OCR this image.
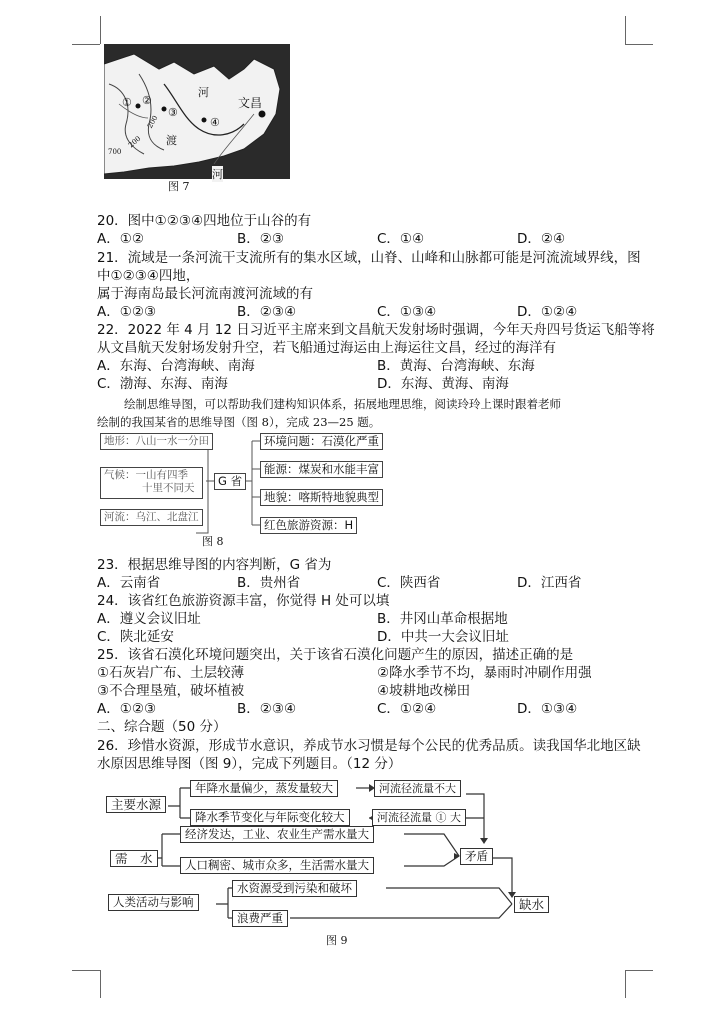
① ②
③
④
河
渡
河
文昌
200
200
700
图 7
20．图中①②③④四地位于山谷的有
A．①②	B．②③	C．①④	D．②④
21．流域是一条河流干支流所有的集水区域，山脊、山峰和山脉都可能是河流流域界线，图
中①②③④四地，
属于海南岛最长河流南渡河流域的有
A．①②③	B．②③④	C．①③④	D．①②④
22．2022 年 4 月 12 日习近平主席来到文昌航天发射场时强调，今年天舟四号货运飞船等将
从文昌航天发射场发射升空，若飞船通过海运由上海运往文昌，经过的海洋有
A．东海、台湾海峡、南海	B．黄海、台湾海峡、东海
C．渤海、东海、南海	D．东海、黄海、南海
绘制思维导图，可以帮助我们建构知识体系，拓展地理思维，阅读玲玲上课时跟着老师
绘制的我国某省的思维导图（图 8），完成 23—25 题。
地形：八山一水一分田
气候：一山有四季
十里不同天
河流：乌江、北盘江
G 省
环境问题：石漠化严重
能源：煤炭和水能丰富
地貌：喀斯特地貌典型
红色旅游资源：H
图 8
23．根据思维导图的内容判断，G 省为
A．云南省	B．贵州省	C．陕西省	D．江西省
24．该省红色旅游资源丰富，你觉得 H 处可以填
A．遵义会议旧址	B．井冈山革命根据地
C．陕北延安	D．中共一大会议旧址
25．该省石漠化环境问题突出，关于该省石漠化问题产生的原因，描述正确的是
①石灰岩广布、土层较薄	②降水季节不均，暴雨时冲刷作用强
③不合理垦殖，破坏植被	④坡耕地改梯田
A．①②③	B．②③④	C．①②④	D．①③④
二、综合题（50 分）
26．珍惜水资源，形成节水意识，养成节水习惯是每个公民的优秀品质。读我国华北地区缺
水原因思维导图（图 9），完成下列题目。（12 分）
主要水源
年降水量偏少，蒸发量较大
降水季节变化与年际变化较大
河流径流量不大
河流径流量 ① 大
需　水
经济发达，工业、农业生产需水量大
人口稠密、城市众多，生活需水量大
矛盾
人类活动与影响
水资源受到污染和破坏
浪费严重
缺水
图 9
